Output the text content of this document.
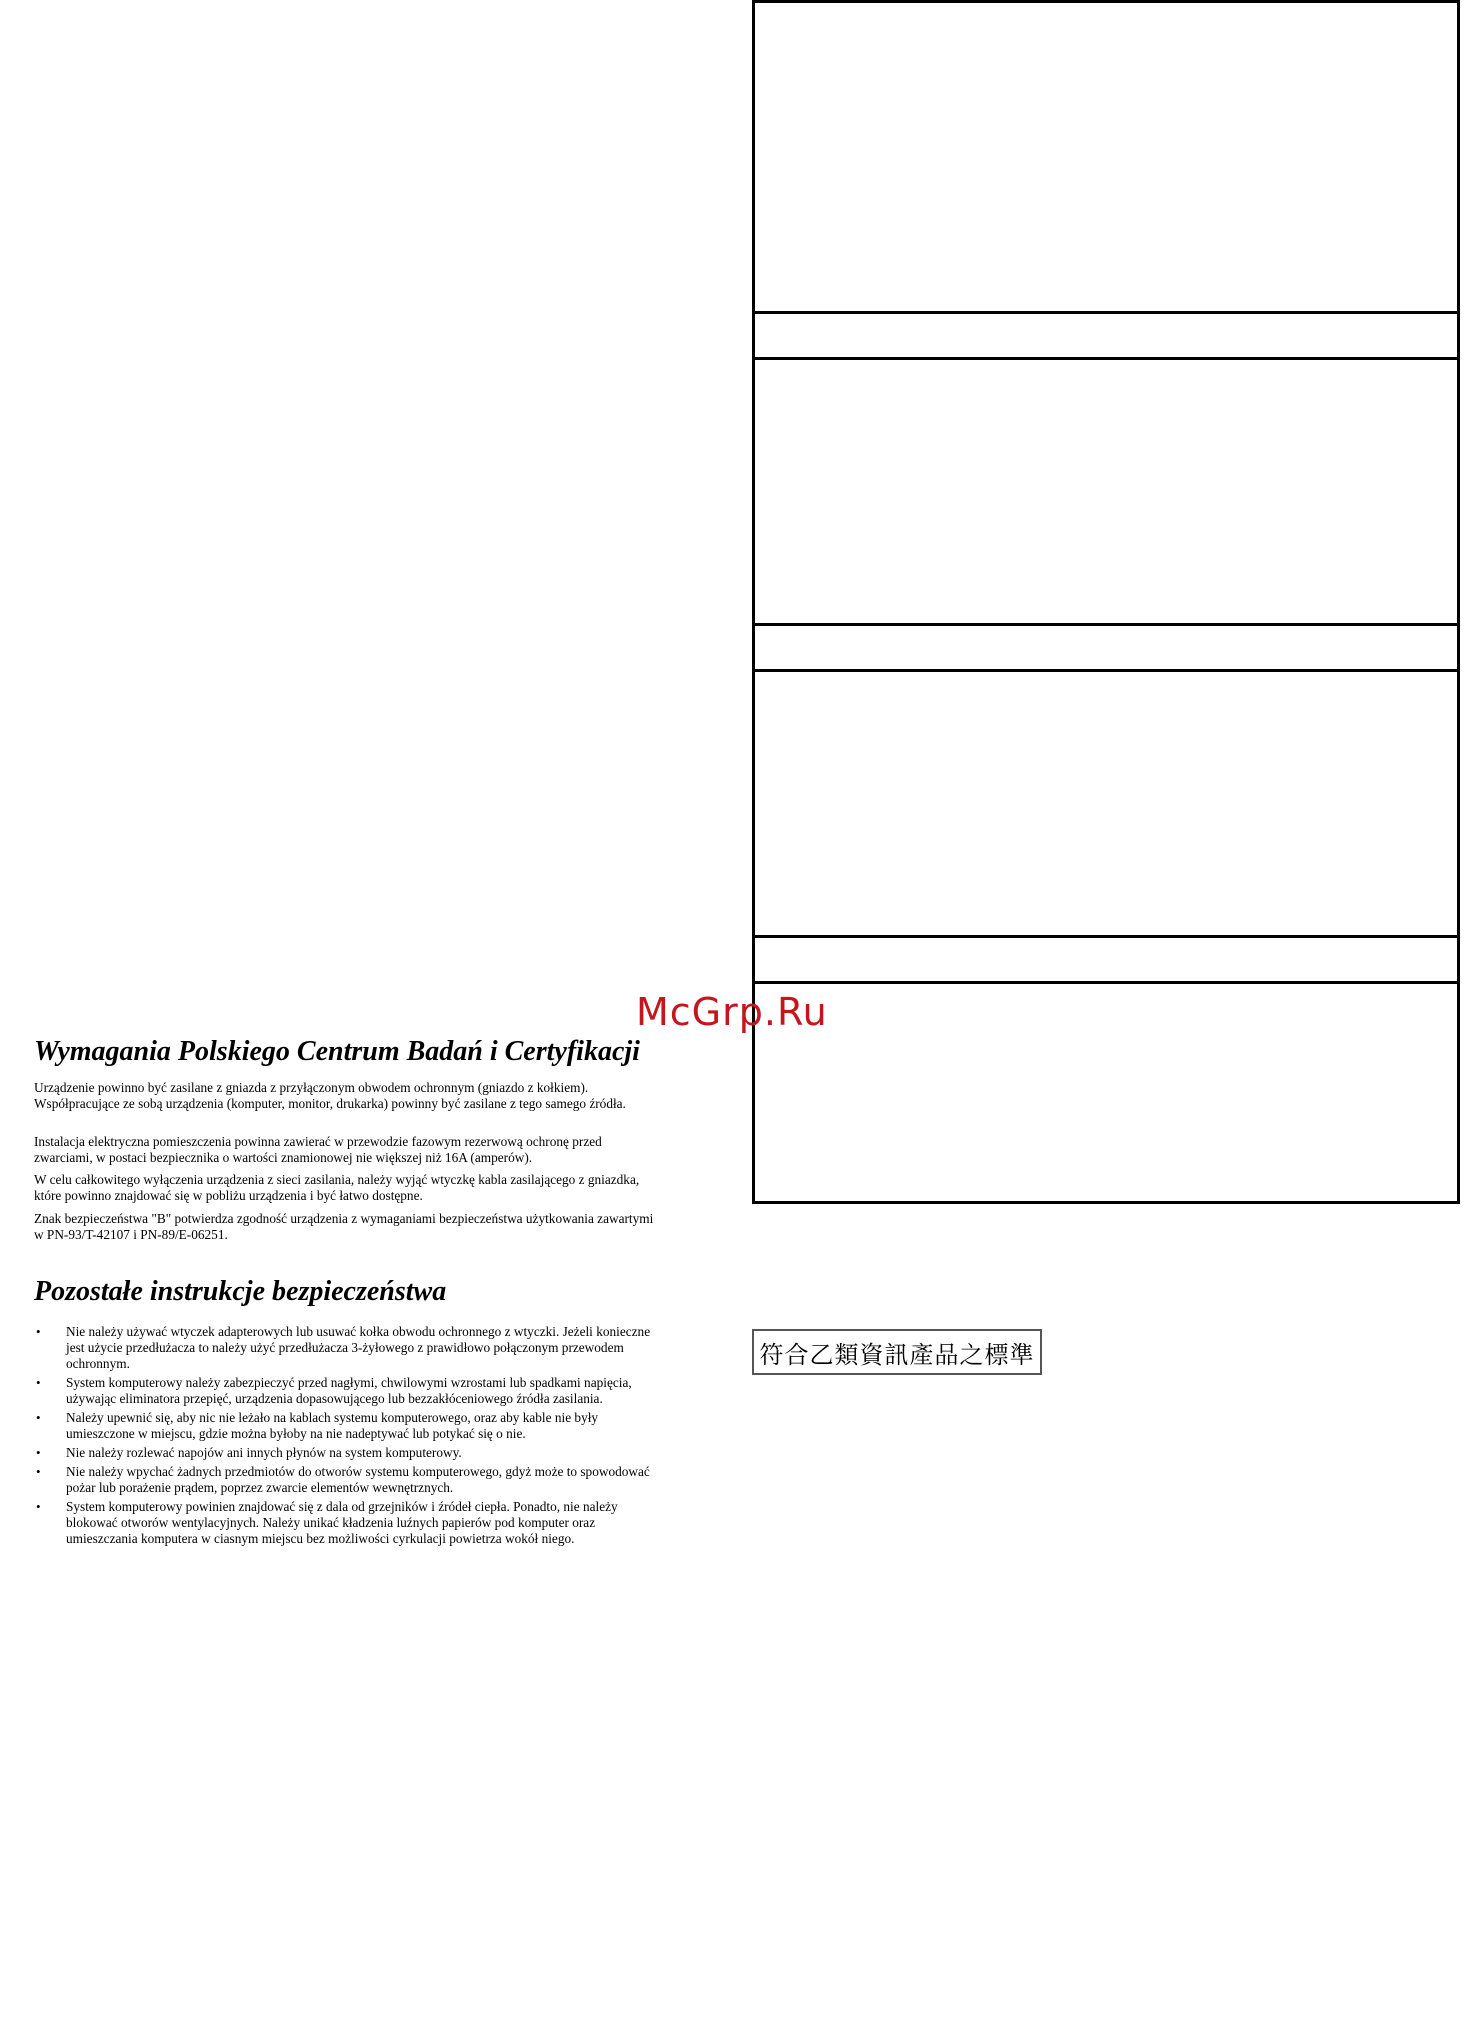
McGrp.Ru
Wymagania Polskiego Centrum Badań i Certyfikacji

Urządzenie powinno być zasilane z gniazda z przyłączonym obwodem ochronnym (gniazdo z kołkiem). Współpracujące ze sobą urządzenia (komputer, monitor, drukarka) powinny być zasilane z tego samego źródła.

Instalacja elektryczna pomieszczenia powinna zawierać w przewodzie fazowym rezerwową ochronę przed zwarciami, w postaci bezpiecznika o wartości znamionowej nie większej niż 16A (amperów).

W celu całkowitego wyłączenia urządzenia z sieci zasilania, należy wyjąć wtyczkę kabla zasilającego z gniazdka, które powinno znajdować się w pobliżu urządzenia i być łatwo dostępne.

Znak bezpieczeństwa "B" potwierdza zgodność urządzenia z wymaganiami bezpieczeństwa użytkowania zawartymi w PN-93/T-42107 i PN-89/E-06251.

Pozostałe instrukcje bezpieczeństwa
• Nie należy używać wtyczek adapterowych lub usuwać kołka obwodu ochronnego z wtyczki. Jeżeli konieczne jest użycie przedłużacza to należy użyć przedłużacza 3-żyłowego z prawidłowo połączonym przewodem ochronnym.
• System komputerowy należy zabezpieczyć przed nagłymi, chwilowymi wzrostami lub spadkami napięcia, używając eliminatora przepięć, urządzenia dopasowującego lub bezzakłóceniowego źródła zasilania.
• Należy upewnić się, aby nic nie leżało na kablach systemu komputerowego, oraz aby kable nie były umieszczone w miejscu, gdzie można byłoby na nie nadeptywać lub potykać się o nie.
• Nie należy rozlewać napojów ani innych płynów na system komputerowy.
• Nie należy wpychać żadnych przedmiotów do otworów systemu komputerowego, gdyż może to spowodować pożar lub porażenie prądem, poprzez zwarcie elementów wewnętrznych.
• System komputerowy powinien znajdować się z dala od grzejników i źródeł ciepła. Ponadto, nie należy blokować otworów wentylacyjnych. Należy unikać kładzenia luźnych papierów pod komputer oraz umieszczania komputera w ciasnym miejscu bez możliwości cyrkulacji powietrza wokół niego.
符合乙類資訊產品之標準
